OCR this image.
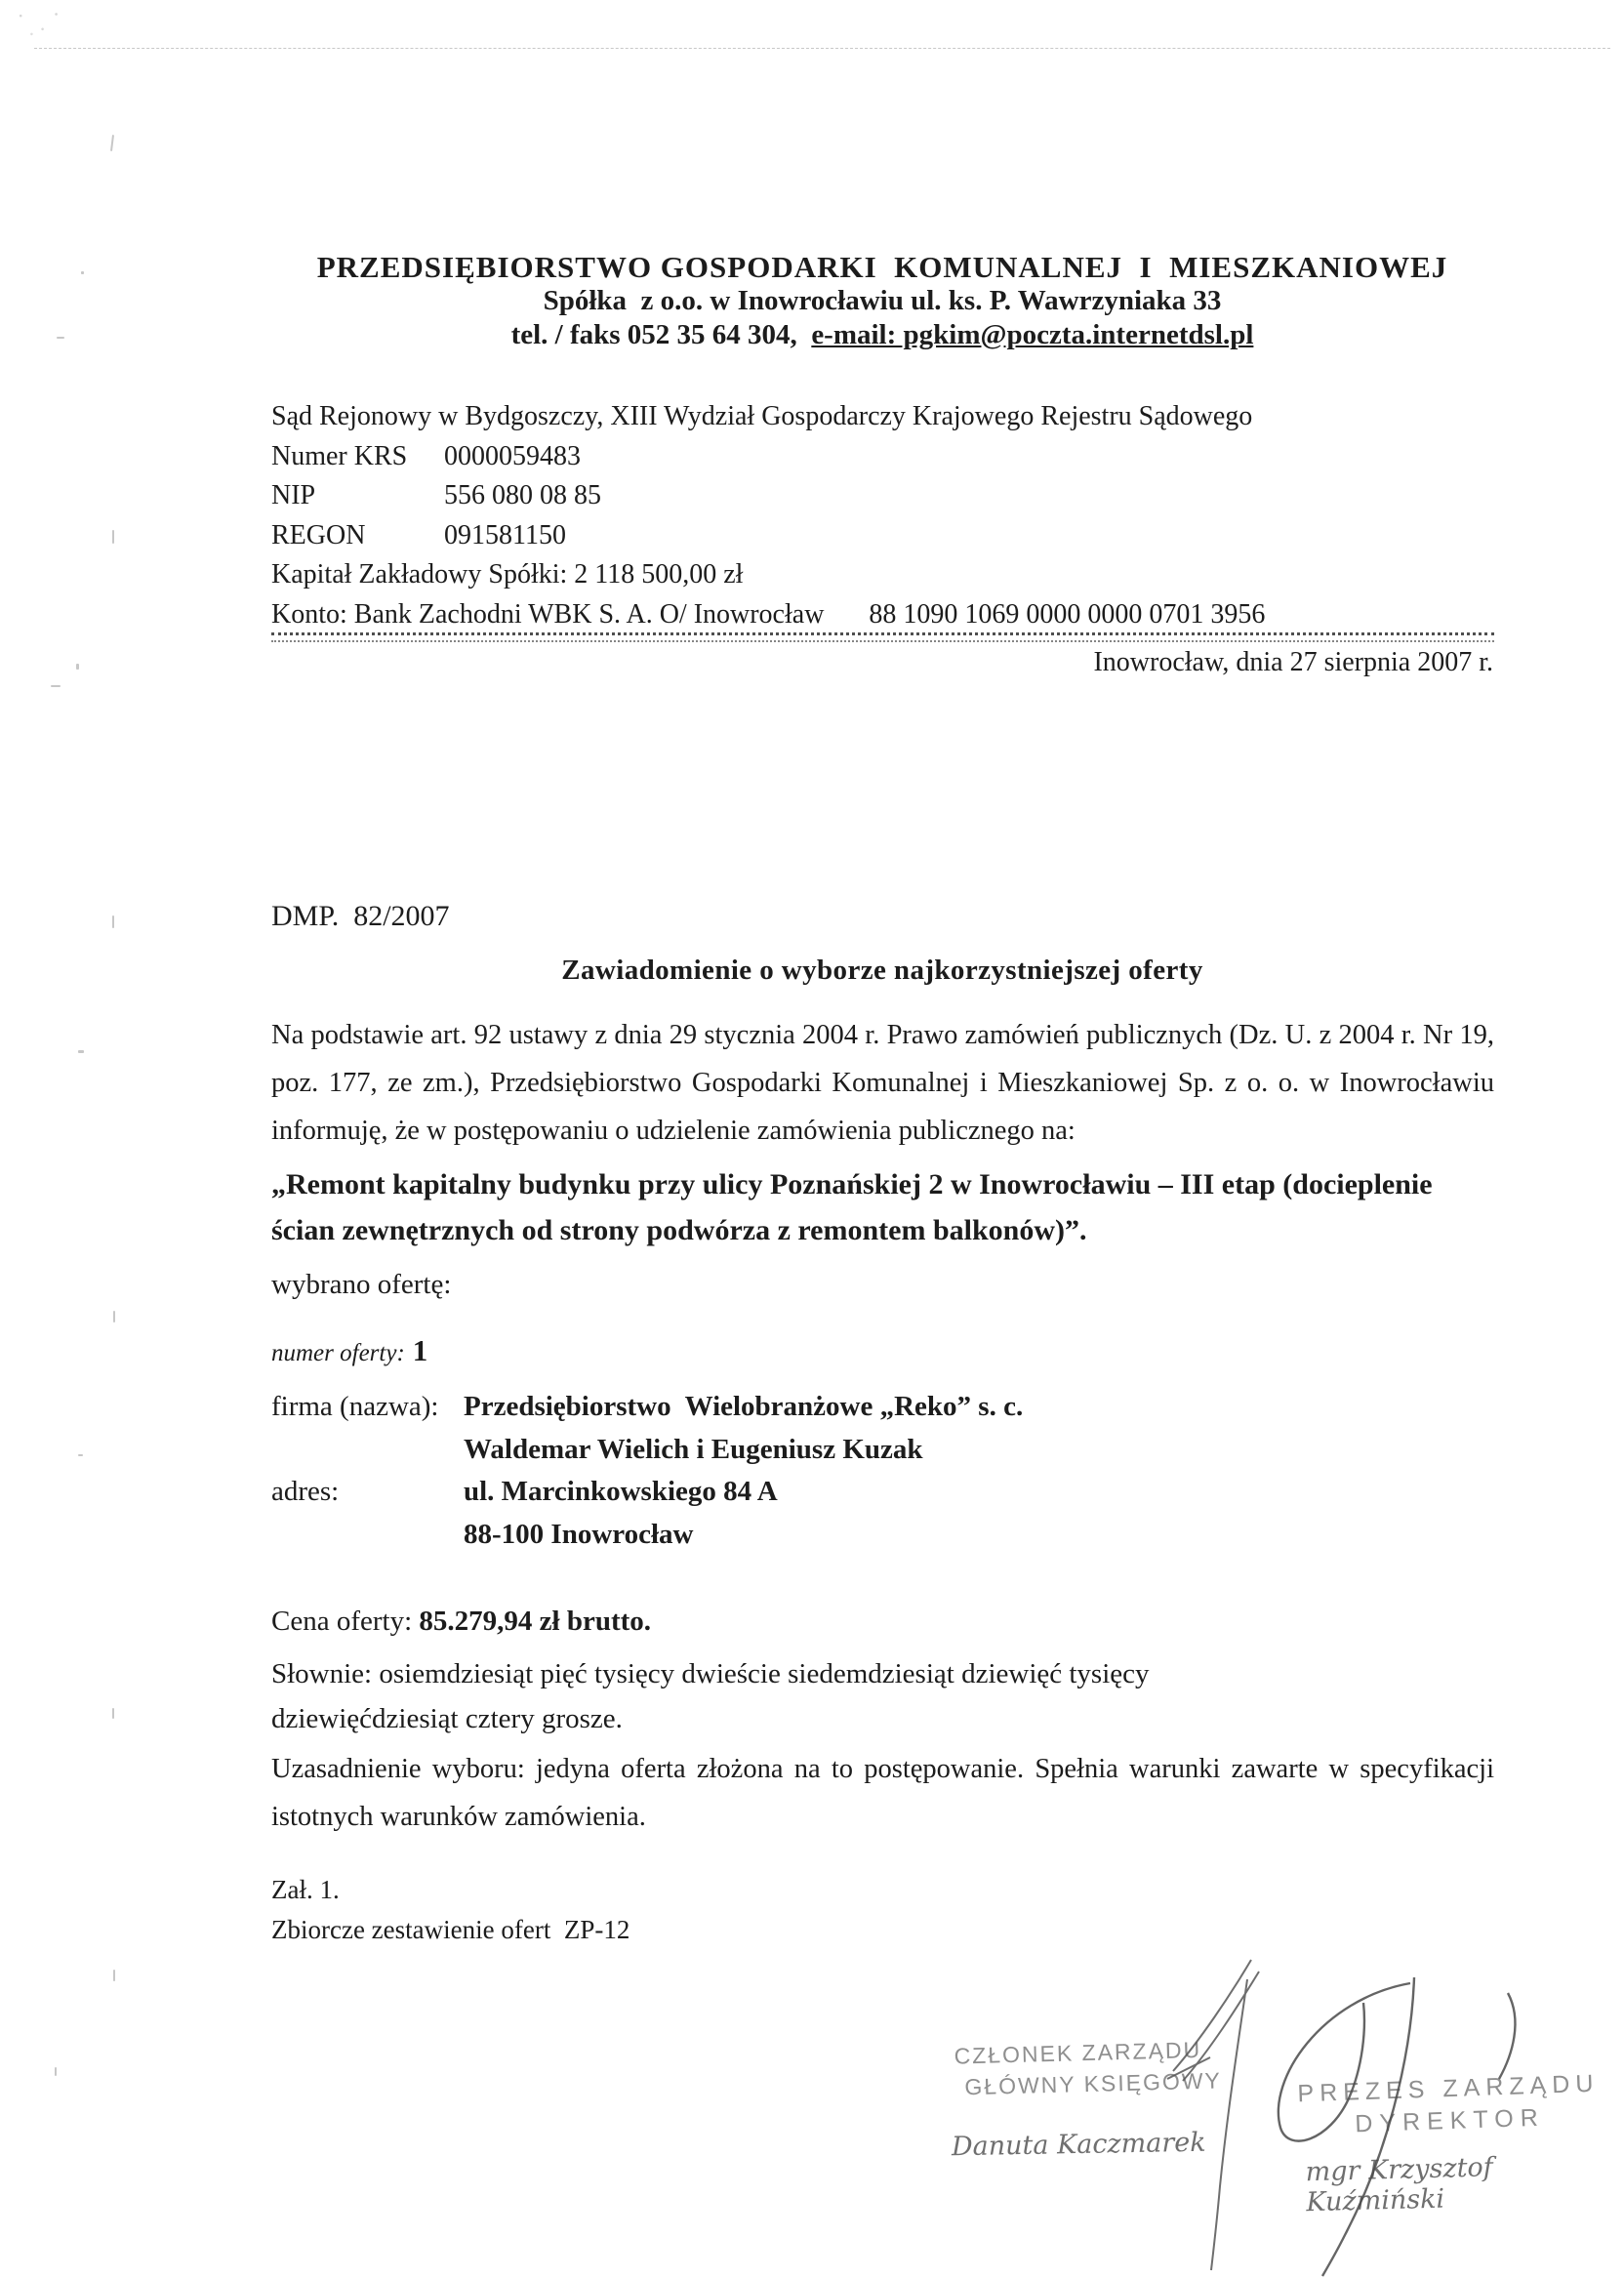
PRZEDSIĘBIORSTWO GOSPODARKI  KOMUNALNEJ  I  MIESZKANIOWEJ
Spółka  z o.o. w Inowrocławiu ul. ks. P. Wawrzyniaka 33
tel. / faks 052 35 64 304,  e-mail: pgkim@poczta.internetdsl.pl
Sąd Rejonowy w Bydgoszczy, XIII Wydział Gospodarczy Krajowego Rejestru Sądowego
Numer KRS 0000059483
NIP	556 080 08 85
REGON	091581150
Kapitał Zakładowy Spółki: 2 118 500,00 zł
Konto: Bank Zachodni WBK S. A. O/ Inowrocław 88 1090 1069 0000 0000 0701 3956
Inowrocław, dnia 27 sierpnia 2007 r.
DMP.  82/2007
Zawiadomienie o wyborze najkorzystniejszej oferty
Na podstawie art. 92 ustawy z dnia 29 stycznia 2004 r. Prawo zamówień publicznych (Dz. U. z 2004 r. Nr 19, poz. 177, ze zm.), Przedsiębiorstwo Gospodarki Komunalnej i Mieszkaniowej Sp. z o. o. w Inowrocławiu informuję, że w postępowaniu o udzielenie zamówienia publicznego na:
„Remont kapitalny budynku przy ulicy Poznańskiej 2 w Inowrocławiu – III etap (docieplenie ścian zewnętrznych od strony podwórza z remontem balkonów)”.
wybrano ofertę:
numer oferty: 1
firma (nazwa): Przedsiębiorstwo  Wielobranżowe „Reko” s. c.
Waldemar Wielich i Eugeniusz Kuzak
adres:	ul. Marcinkowskiego 84 A
88-100 Inowrocław
Cena oferty: 85.279,94 zł brutto.
Słownie: osiemdziesiąt pięć tysięcy dwieście siedemdziesiąt dziewięć tysięcy
dziewięćdziesiąt cztery grosze.
Uzasadnienie wyboru: jedyna oferta złożona na to postępowanie. Spełnia warunki zawarte w specyfikacji istotnych warunków zamówienia.
Zał. 1.
Zbiorcze zestawienie ofert  ZP-12
CZŁONEK ZARZĄDU
GŁÓWNY KSIĘGOWY
Danuta Kaczmarek
PREZES ZARZĄDU
DYREKTOR
mgr Krzysztof Kuźmiński
